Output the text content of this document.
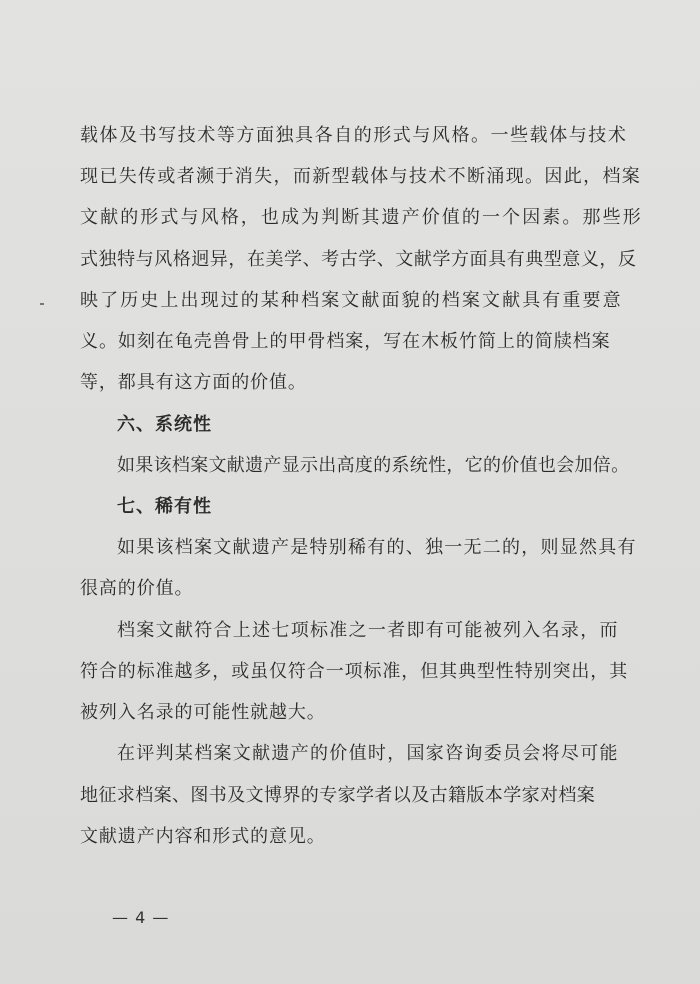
载体及书写技术等方面独具各自的形式与风格。一些载体与技术
现已失传或者濒于消失，而新型载体与技术不断涌现。因此，档案
文献的形式与风格，也成为判断其遗产价值的一个因素。那些形
式独特与风格迥异，在美学、考古学、文献学方面具有典型意义，反
映了历史上出现过的某种档案文献面貌的档案文献具有重要意
义。如刻在龟壳兽骨上的甲骨档案，写在木板竹简上的简牍档案
等，都具有这方面的价值。
六、系统性
如果该档案文献遗产显示出高度的系统性，它的价值也会加倍。
七、稀有性
如果该档案文献遗产是特别稀有的、独一无二的，则显然具有
很高的价值。
档案文献符合上述七项标准之一者即有可能被列入名录，而
符合的标准越多，或虽仅符合一项标准，但其典型性特别突出，其
被列入名录的可能性就越大。
在评判某档案文献遗产的价值时，国家咨询委员会将尽可能
地征求档案、图书及文博界的专家学者以及古籍版本学家对档案
文献遗产内容和形式的意见。
— 4 —
